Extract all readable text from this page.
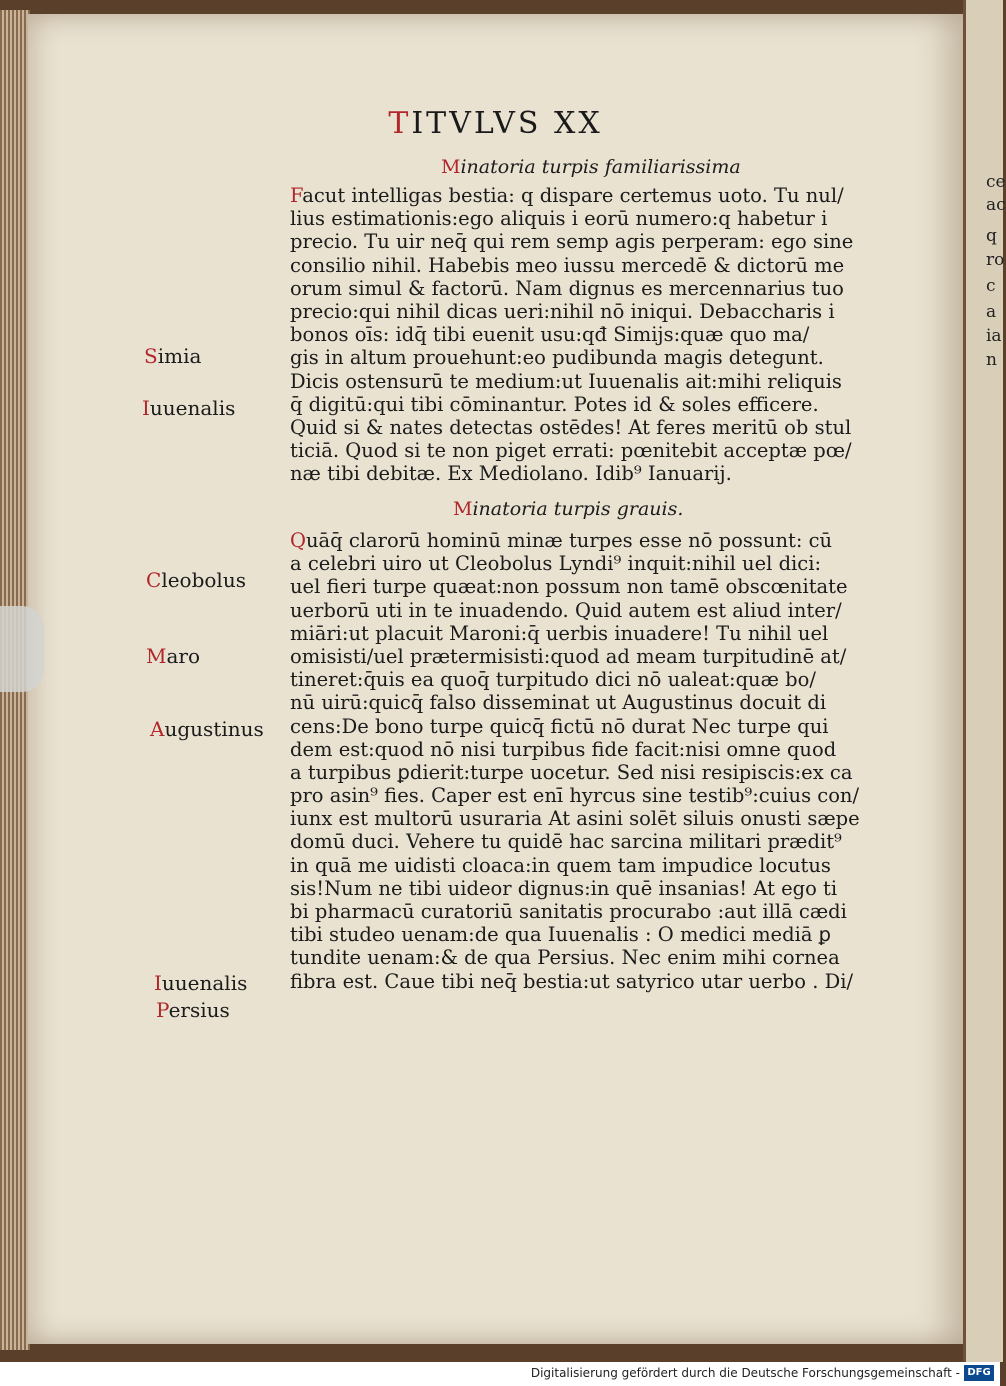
TITVLVS XX
Minatoria turpis familiarissima
Facut intelligas bestia: q dispare certemus uoto. Tu nul/
lius estimationis:ego aliquis i eorū numero:q habetur i
precio. Tu uir neq̄ qui rem semp agis perperam: ego sine
consilio nihil. Habebis meo iussu mercedē & dictorū me
orum simul & factorū. Nam dignus es mercennarius tuo
precio:qui nihil dicas ueri:nihil nō iniqui. Debaccharis i
bonos oīs: idq̄ tibi euenit usu:qđ Simijs:quæ quo ma/
gis in altum prouehunt:eo pudibunda magis detegunt.
Dicis ostensurū te medium:ut Iuuenalis ait:mihi reliquis
q̄ digitū:qui tibi cōminantur. Potes id & soles efficere.
Quid si & nates detectas ostēdes! At feres meritū ob stul
ticiā. Quod si te non piget errati: pœnitebit acceptæ pœ/
næ tibi debitæ. Ex Mediolano. Idib⁹ Ianuarij.
Minatoria turpis grauis.
Quāq̄ clarorū hominū minæ turpes esse nō possunt: cū
a celebri uiro ut Cleobolus Lyndi⁹ inquit:nihil uel dici:
uel fieri turpe quæat:non possum non tamē obscœnitate
uerborū uti in te inuadendo. Quid autem est aliud inter/
miāri:ut placuit Maroni:q̄ uerbis inuadere! Tu nihil uel
omisisti/uel prætermisisti:quod ad meam turpitudinē at/
tineret:q̄uis ea quoq̄ turpitudo dici nō ualeat:quæ bo/
nū uirū:quicq̄ falso disseminat ut Augustinus docuit di
cens:De bono turpe quicq̄ fictū nō durat Nec turpe qui
dem est:quod nō nisi turpibus fide facit:nisi omne quod
a turpibus ꝑdierit:turpe uocetur. Sed nisi resipiscis:ex ca
pro asin⁹ fies. Caper est enī hyrcus sine testib⁹:cuius con/
iunx est multorū usuraria At asini solēt siluis onusti sæpe
domū duci. Vehere tu quidē hac sarcina militari prædit⁹
in quā me uidisti cloaca:in quem tam impudice locutus
sis!Num ne tibi uideor dignus:in quē insanias! At ego ti
bi pharmacū curatoriū sanitatis procurabo :aut illā cædi
tibi studeo uenam:de qua Iuuenalis : O medici mediā ꝑ
tundite uenam:& de qua Persius. Nec enim mihi cornea
fibra est. Caue tibi neq̄ bestia:ut satyrico utar uerbo . Di/
Simia
Iuuenalis
Cleobolus
Maro
Augustinus
Iuuenalis
Persius
ce
ac
q
ro
c
a
ia
n
Digitalisierung gefördert durch die Deutsche Forschungsgemeinschaft - DFG
